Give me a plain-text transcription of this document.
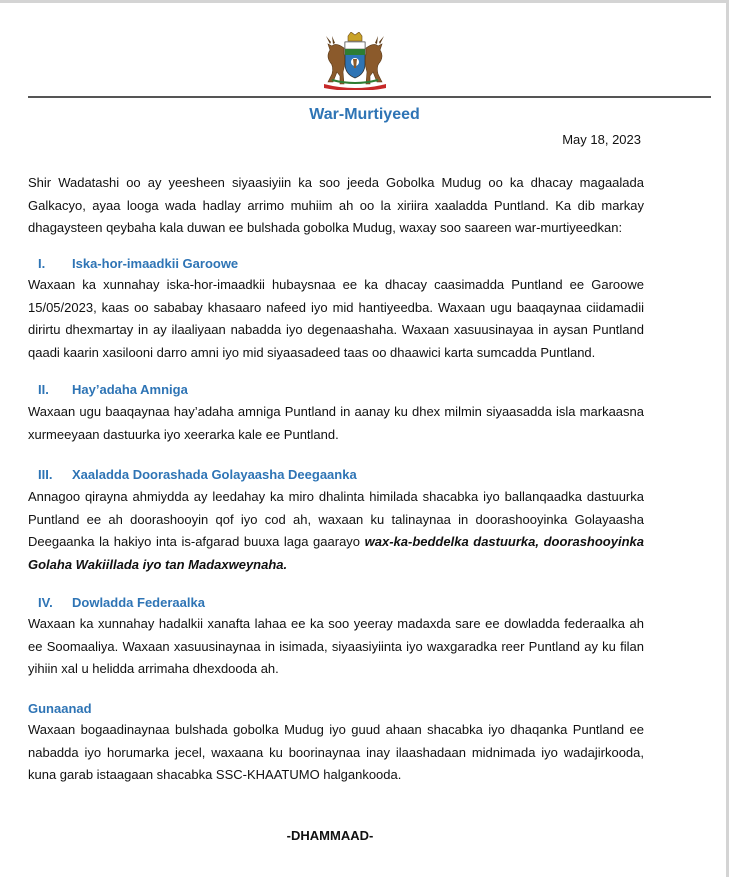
War-Murtiyeed
May 18, 2023

Shir Wadatashi oo ay yeesheen siyaasiyiin ka soo jeeda Gobolka Mudug oo ka dhacay magaalada Galkacyo, ayaa looga wada hadlay arrimo muhiim ah oo la xiriira xaaladda Puntland. Ka dib markay dhagaysteen qeybaha kala duwan ee bulshada gobolka Mudug, waxay soo saareen war-murtiyeedkan:

I. Iska-hor-imaadkii Garoowe

Waxaan ka xunnahay iska-hor-imaadkii hubaysnaa ee ka dhacay caasimadda Puntland ee Garoowe 15/05/2023, kaas oo sababay khasaaro nafeed iyo mid hantiyeedba. Waxaan ugu baaqaynaa ciidamadii dirirtu dhexmartay in ay ilaaliyaan nabadda iyo degenaashaha. Waxaan xasuusinayaa in aysan Puntland qaadi kaarin xasilooni darro amni iyo mid siyaasadeed taas oo dhaawici karta sumcadda Puntland.

II. Hay’adaha Amniga

Waxaan ugu baaqaynaa hay’adaha amniga Puntland in aanay ku dhex milmin siyaasadda isla markaasna xurmeeyaan dastuurka iyo xeerarka kale ee Puntland.

III. Xaaladda Doorashada Golayaasha Deegaanka

Annagoo qirayna ahmiydda ay leedahay ka miro dhalinta himilada shacabka iyo ballanqaadka dastuurka Puntland ee ah doorashooyin qof iyo cod ah, waxaan ku talinaynaa in doorashooyinka Golayaasha Deegaanka la hakiyo inta is-afgarad buuxa laga gaarayo wax-ka-beddelka dastuurka, doorashooyinka Golaha Wakiillada iyo tan Madaxweynaha.

IV. Dowladda Federaalka

Waxaan ka xunnahay hadalkii xanafta lahaa ee ka soo yeeray madaxda sare ee dowladda federaalka ah ee Soomaaliya. Waxaan xasuusinaynaa in isimada, siyaasiyiinta iyo waxgaradka reer Puntland ay ku filan yihiin xal u helidda arrimaha dhexdooda ah.

Gunaanad

Waxaan bogaadinaynaa bulshada gobolka Mudug iyo guud ahaan shacabka iyo dhaqanka Puntland ee nabadda iyo horumarka jecel, waxaana ku boorinaynaa inay ilaashadaan midnimada iyo wadajirkooda, kuna garab istaagaan shacabka SSC-KHAATUMO halgankooda.

-DHAMMAAD-
